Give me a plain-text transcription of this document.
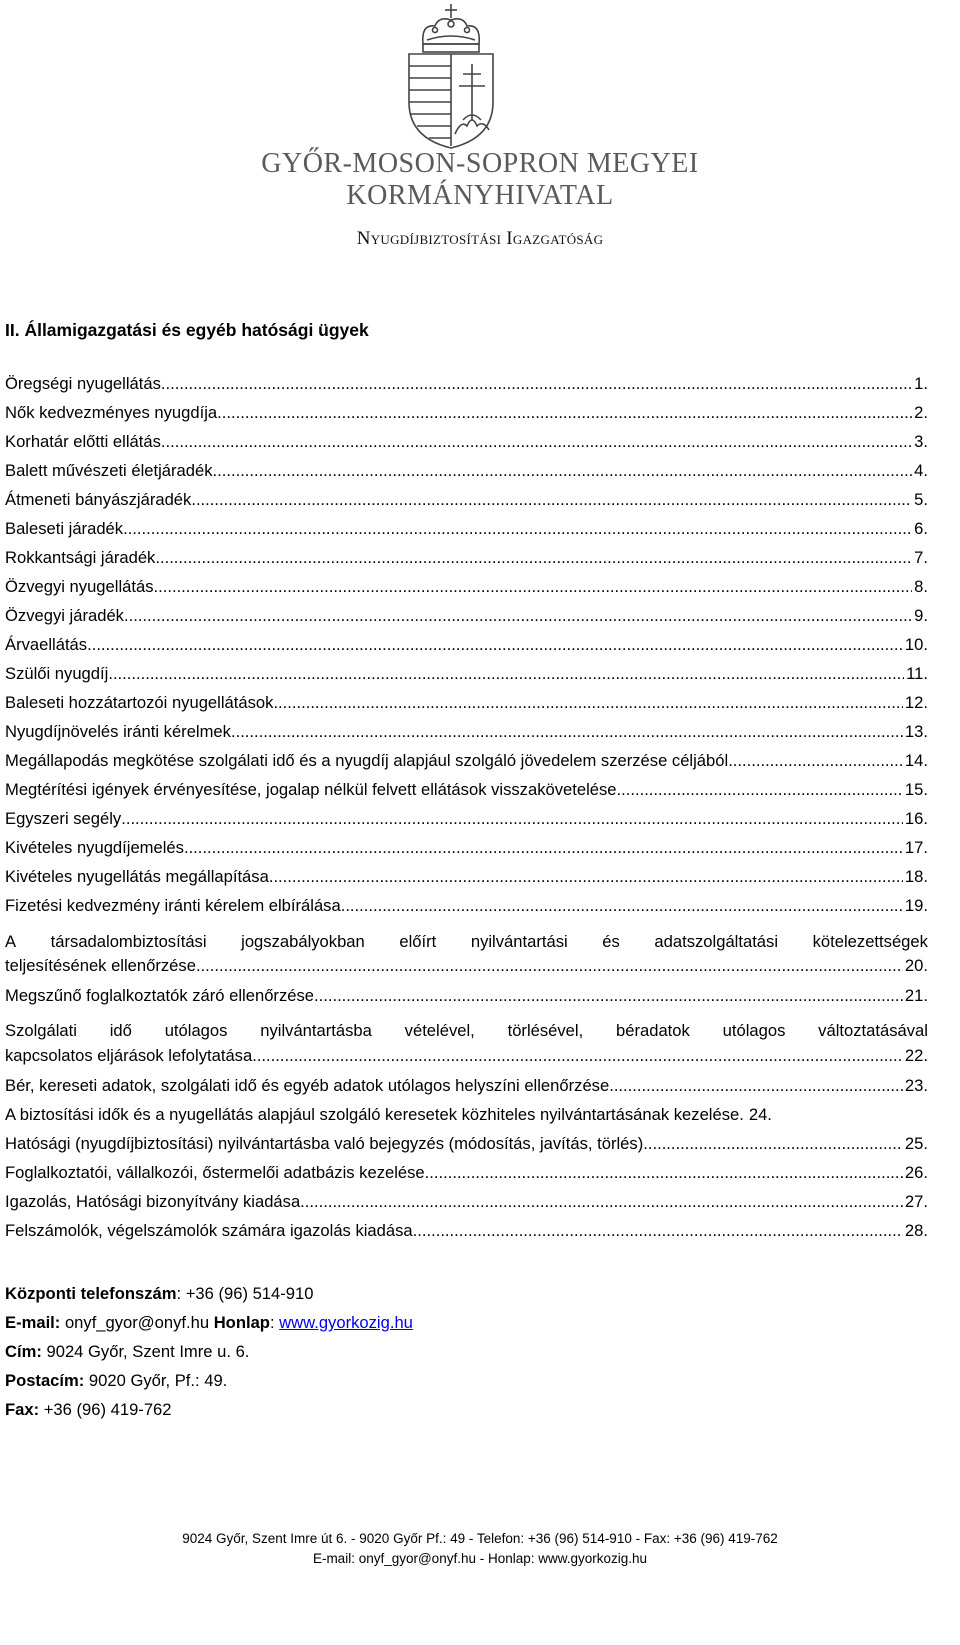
GYŐR-MOSON-SOPRON MEGYEI
KORMÁNYHIVATAL
Nyugdíjbiztosítási Igazgatóság
II. Államigazgatási és egyéb hatósági ügyek
Öregségi nyugellátás .....	1.
Nők kedvezményes nyugdíja .....	2.
Korhatár előtti ellátás .....	3.
Balett művészeti életjáradék .....	4.
Átmeneti bányászjáradék .....	5.
Baleseti járadék .....	6.
Rokkantsági járadék .....	7.
Özvegyi nyugellátás .....	8.
Özvegyi járadék .....	9.
Árvaellátás .....	10.
Szülői nyugdíj .....	11.
Baleseti hozzátartozói nyugellátások .....	12.
Nyugdíjnövelés iránti kérelmek .....	13.
Megállapodás megkötése szolgálati idő és a nyugdíj alapjául szolgáló jövedelem szerzése céljából .....	14.
Megtérítési igények érvényesítése, jogalap nélkül felvett ellátások visszakövetelése .....	15.
Egyszeri segély .....	16.
Kivételes nyugdíjemelés .....	17.
Kivételes nyugellátás megállapítása .....	18.
Fizetési kedvezmény iránti kérelem elbírálása .....	19.
A társadalombiztosítási jogszabályokban előírt nyilvántartási és adatszolgáltatási kötelezettségek
teljesítésének ellenőrzése .....	20.
Megszűnő foglalkoztatók záró ellenőrzése .....	21.
Szolgálati idő utólagos nyilvántartásba vételével, törlésével, béradatok utólagos változtatásával
kapcsolatos eljárások lefolytatása .....	22.
Bér, kereseti adatok, szolgálati idő és egyéb adatok utólagos helyszíni ellenőrzése .....	23.
A biztosítási idők és a nyugellátás alapjául szolgáló keresetek közhiteles nyilvántartásának kezelése. 24.
Hatósági (nyugdíjbiztosítási) nyilvántartásba való bejegyzés (módosítás, javítás, törlés) .....	25.
Foglalkoztatói, vállalkozói, őstermelői adatbázis kezelése .....	26.
Igazolás, Hatósági bizonyítvány kiadása .....	27.
Felszámolók, végelszámolók számára igazolás kiadása .....	28.
Központi telefonszám: +36 (96) 514-910
E-mail: onyf_gyor@onyf.hu Honlap: www.gyorkozig.hu
Cím: 9024 Győr, Szent Imre u. 6.
Postacím: 9020 Győr, Pf.: 49.
Fax: +36 (96) 419-762
9024 Győr, Szent Imre út 6. - 9020 Győr Pf.: 49 - Telefon: +36 (96) 514-910 - Fax: +36 (96) 419-762
E-mail: onyf_gyor@onyf.hu - Honlap: www.gyorkozig.hu
